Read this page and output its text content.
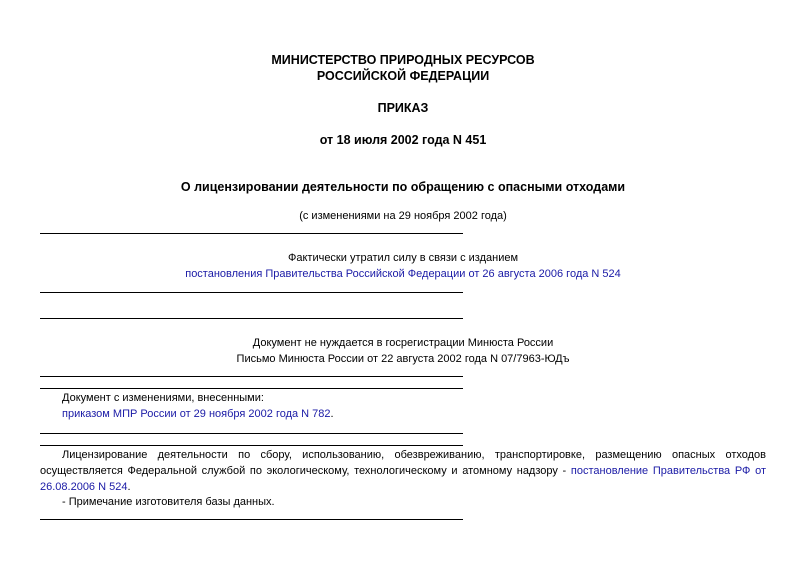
МИНИСТЕРСТВО ПРИРОДНЫХ РЕСУРСОВ
РОССИЙСКОЙ ФЕДЕРАЦИИ
ПРИКАЗ
от 18 июля 2002 года N 451
О лицензировании деятельности по обращению с опасными отходами
(с изменениями на 29 ноября 2002 года)
Фактически утратил силу в связи с изданием
постановления Правительства Российской Федерации от 26 августа 2006 года N 524
Документ не нуждается в госрегистрации Минюста России
Письмо Минюста России от 22 августа 2002 года N 07/7963-ЮДъ
Документ с изменениями, внесенными:
приказом МПР России от 29 ноября 2002 года N 782.
Лицензирование деятельности по сбору, использованию, обезвреживанию, транспортировке, размещению опасных отходов осуществляется Федеральной службой по экологическому, технологическому и атомному надзору - постановление Правительства РФ от 26.08.2006 N 524.
- Примечание изготовителя базы данных.
